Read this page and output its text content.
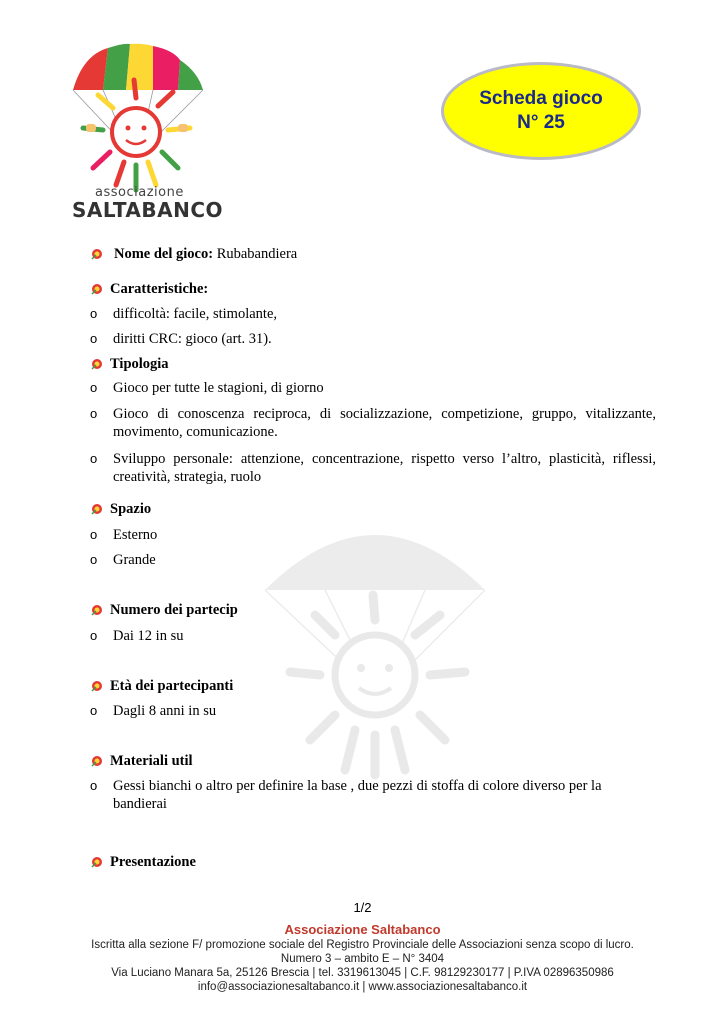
associazione
SALTABANCO
Scheda gioco
N° 25
Nome del gioco: Rubabandiera
Caratteristiche:
o	difficoltà: facile, stimolante,
o	diritti CRC: gioco (art. 31).
Tipologia
o	Gioco per tutte le stagioni, di giorno
o	Gioco di conoscenza reciproca, di socializzazione, competizione, gruppo, vitalizzante, movimento, comunicazione.
o	Sviluppo personale: attenzione, concentrazione, rispetto verso l’altro, plasticità, riflessi, creatività, strategia, ruolo
Spazio
o	Esterno
o	Grande
Numero dei partecip
o	Dai 12 in su
Età dei partecipanti
o	Dagli 8 anni in su
Materiali util
o	Gessi bianchi o altro per definire la base , due pezzi di stoffa di colore diverso per la bandierai
Presentazione
1/2
Associazione Saltabanco
Iscritta alla sezione F/ promozione sociale del Registro Provinciale delle Associazioni senza scopo di lucro.
Numero 3 – ambito E – N° 3404
Via Luciano Manara 5a, 25126 Brescia | tel. 3319613045 | C.F. 98129230177 | P.IVA 02896350986
info@associazionesaltabanco.it | www.associazionesaltabanco.it
